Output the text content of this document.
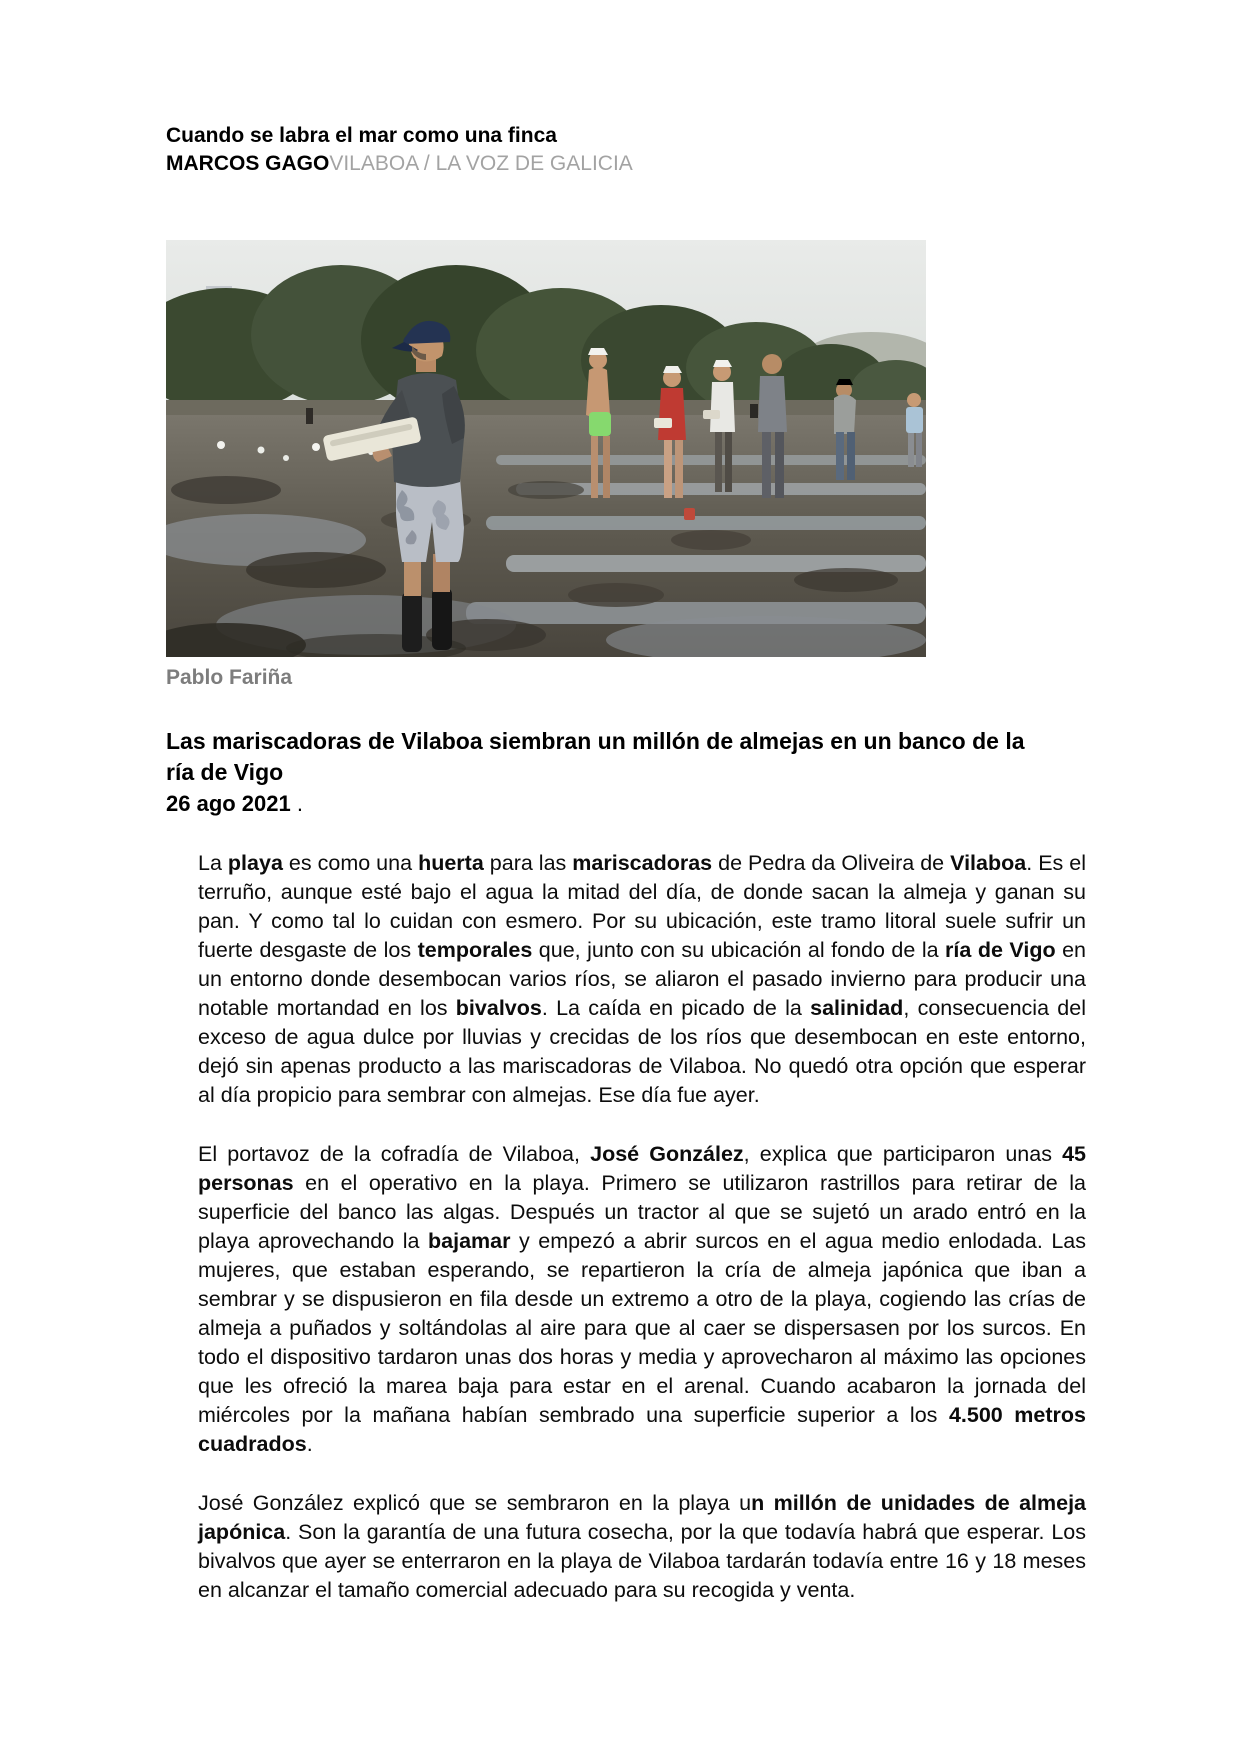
Cuando se labra el mar como una finca
MARCOS GAGOVILABOA / LA VOZ DE GALICIA
Pablo Fariña
Las mariscadoras de Vilaboa siembran un millón de almejas en un banco de la
ría de Vigo
26 ago 2021 .

La playa es como una huerta para las mariscadoras de Pedra da Oliveira de Vilaboa. Es el terruño, aunque esté bajo el agua la mitad del día, de donde sacan la almeja y ganan su pan. Y como tal lo cuidan con esmero. Por su ubicación, este tramo litoral suele sufrir un fuerte desgaste de los temporales que, junto con su ubicación al fondo de la ría de Vigo en un entorno donde desembocan varios ríos, se aliaron el pasado invierno para producir una notable mortandad en los bivalvos. La caída en picado de la salinidad, consecuencia del exceso de agua dulce por lluvias y crecidas de los ríos que desembocan en este entorno, dejó sin apenas producto a las mariscadoras de Vilaboa. No quedó otra opción que esperar al día propicio para sembrar con almejas. Ese día fue ayer.

El portavoz de la cofradía de Vilaboa, José González, explica que participaron unas 45 personas en el operativo en la playa. Primero se utilizaron rastrillos para retirar de la superficie del banco las algas. Después un tractor al que se sujetó un arado entró en la playa aprovechando la bajamar y empezó a abrir surcos en el agua medio enlodada. Las mujeres, que estaban esperando, se repartieron la cría de almeja japónica que iban a sembrar y se dispusieron en fila desde un extremo a otro de la playa, cogiendo las crías de almeja a puñados y soltándolas al aire para que al caer se dispersasen por los surcos. En todo el dispositivo tardaron unas dos horas y media y aprovecharon al máximo las opciones que les ofreció la marea baja para estar en el arenal. Cuando acabaron la jornada del miércoles por la mañana habían sembrado una superficie superior a los 4.500 metros cuadrados.

José González explicó que se sembraron en la playa un millón de unidades de almeja japónica. Son la garantía de una futura cosecha, por la que todavía habrá que esperar. Los bivalvos que ayer se enterraron en la playa de Vilaboa tardarán todavía entre 16 y 18 meses en alcanzar el tamaño comercial adecuado para su recogida y venta.
